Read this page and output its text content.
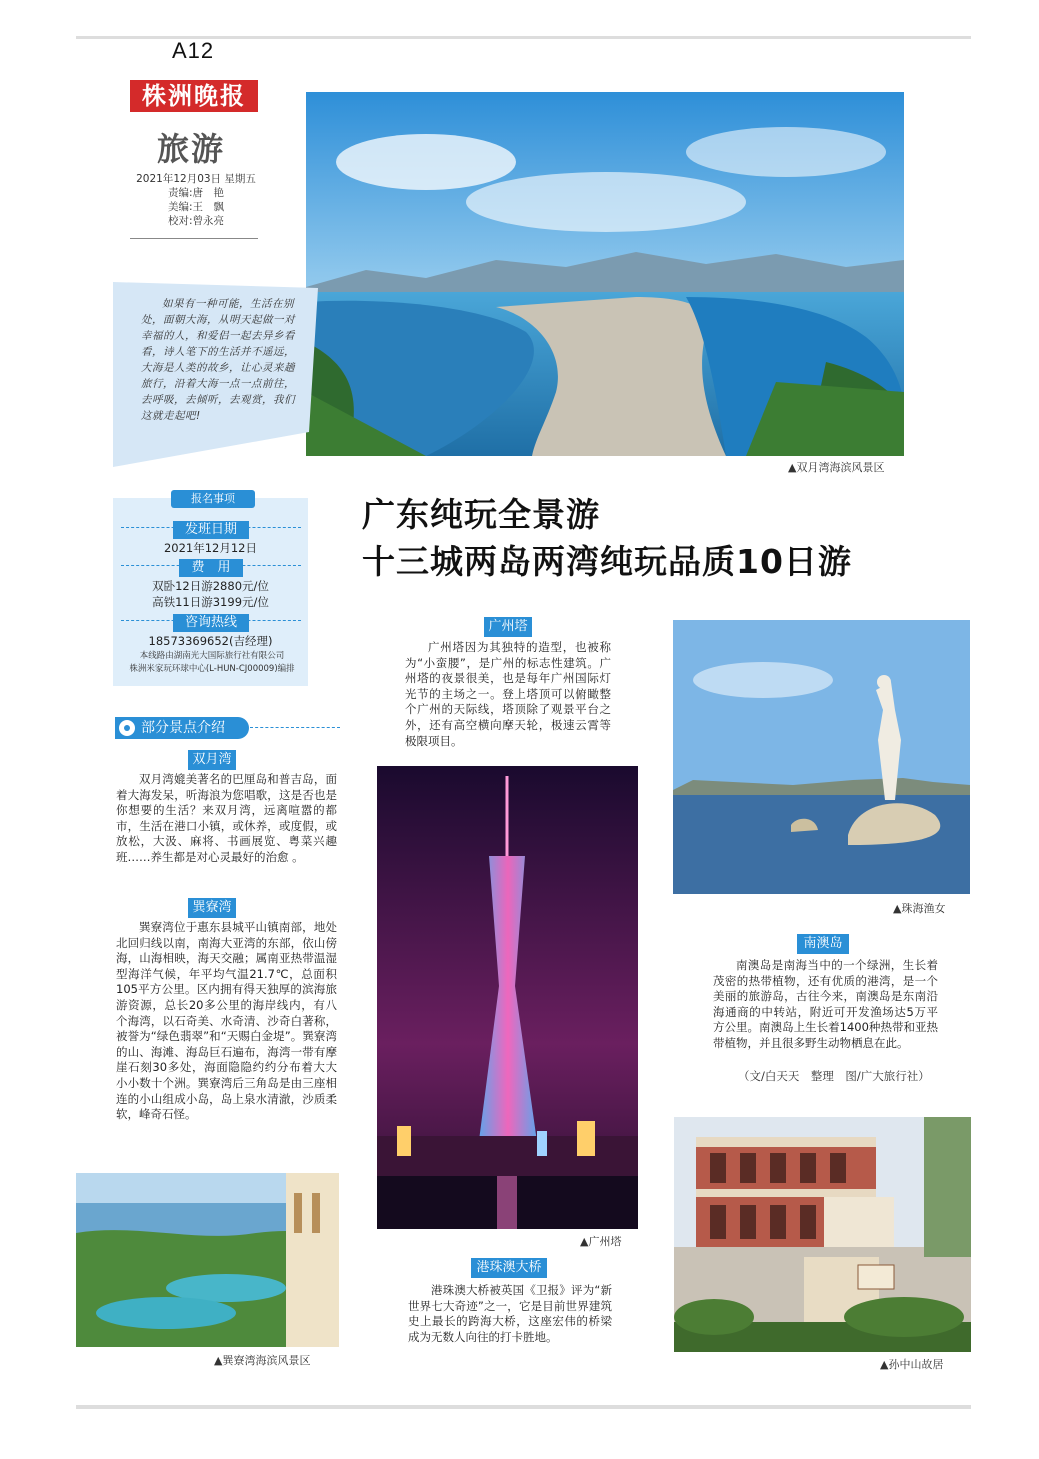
A12
株洲晚报
旅游
2021年12月03日 星期五
责编:唐　艳
美编:王　飘
校对:曾永亮
▲双月湾海滨风景区
如果有一种可能，生活在别处，面朝大海，从明天起做一对幸福的人，和爱侣一起去异乡看看，诗人笔下的生活并不遥远，大海是人类的故乡，让心灵来趟旅行，沿着大海一点一点前往，去呼吸，去倾听，去观赏，我们这就走起吧!
报名事项
发班日期
2021年12月12日
费　用
双卧12日游2880元/位
高铁11日游3199元/位
咨询热线
18573369652(吉经理)
本线路由湖南光大国际旅行社有限公司
株洲米家玩环球中心(L-HUN-CJ00009)编排
广东纯玩全景游
十三城两岛两湾纯玩品质10日游
部分景点介绍
双月湾
双月湾媲美著名的巴厘岛和普吉岛，面着大海发呆，听海浪为您唱歌，这是否也是你想要的生活？来双月湾，远离喧嚣的都市，生活在港口小镇，或休养，或度假，或放松，大汲、麻将、书画展览、粤菜兴趣班……养生都是对心灵最好的治愈 。
巽寮湾
巽寮湾位于惠东县城平山镇南部，地处北回归线以南，南海大亚湾的东部，依山傍海，山海相映，海天交融；属南亚热带温湿型海洋气候，年平均气温21.7℃，总面积105平方公里。区内拥有得天独厚的滨海旅游资源，总长20多公里的海岸线内，有八个海湾，以石奇美、水奇清、沙奇白著称，被誉为“绿色翡翠”和“天赐白金堤”。巽寮湾的山、海滩、海岛巨石遍布，海湾一带有摩崖石刻30多处，海面隐隐约约分布着大大小小数十个洲。巽寮湾后三角岛是由三座相连的小山组成小岛，岛上泉水清澈，沙质柔软，峰奇石怪。
▲巽寮湾海滨风景区
广州塔
广州塔因为其独特的造型，也被称为“小蛮腰”，是广州的标志性建筑。广州塔的夜景很美，也是每年广州国际灯光节的主场之一。登上塔顶可以俯瞰整个广州的天际线，塔顶除了观景平台之外，还有高空横向摩天轮，极速云霄等极限项目。
▲广州塔
港珠澳大桥
港珠澳大桥被英国《卫报》评为“新世界七大奇迹”之一，它是目前世界建筑史上最长的跨海大桥，这座宏伟的桥梁成为无数人向往的打卡胜地。
▲珠海渔女
南澳岛
南澳岛是南海当中的一个绿洲，生长着茂密的热带植物，还有优质的港湾，是一个美丽的旅游岛，古往今来，南澳岛是东南沿海通商的中转站，附近可开发渔场达5万平方公里。南澳岛上生长着1400种热带和亚热带植物，并且很多野生动物栖息在此。
（文/白天天　整理　图/广大旅行社）
▲孙中山故居
